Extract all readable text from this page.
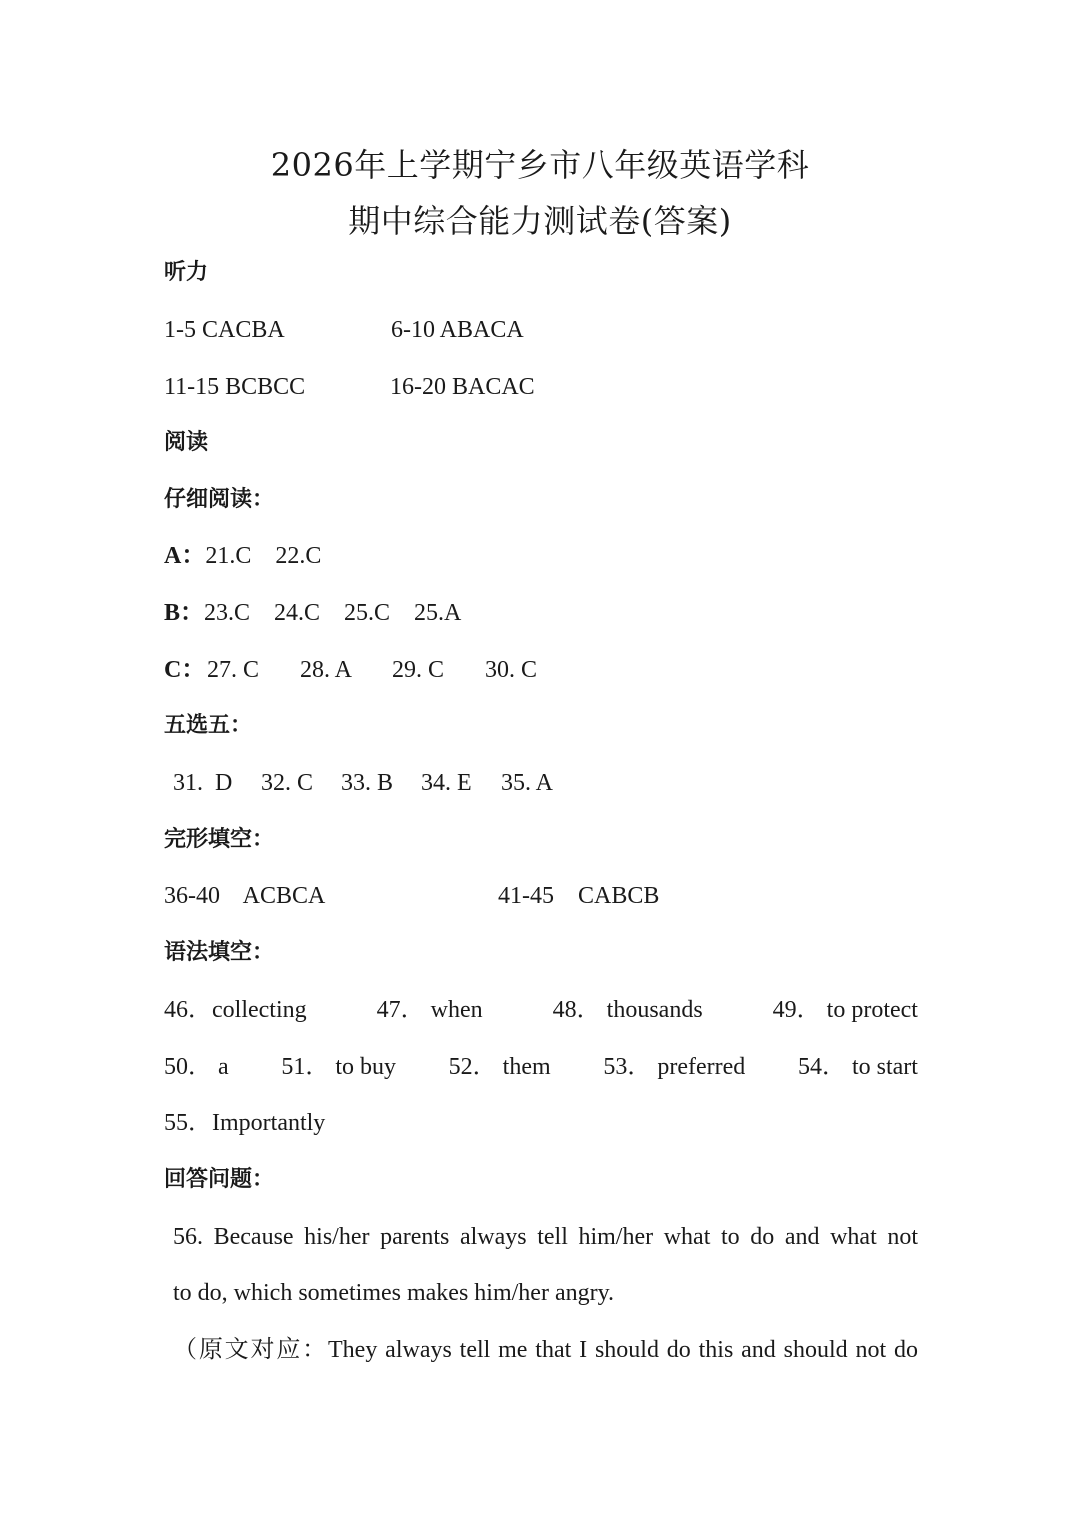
2026年上学期宁乡市八年级英语学科
期中综合能力测试卷(答案)
听力
1-5 CACBA	6-10 ABACA
11-15 BCBCC	16-20 BACAC
阅读
仔细阅读：
A：21.C    22.C
B：23.C    24.C    25.C    25.A
C： 27. C 28. A 29. C 30. C
五选五：
31.  D 32. C 33. B 34. E 35. A
完形填空：
36-40    ACBCA	41-45    CABCB
语法填空：
46．collecting	47． when	48． thousands	49． to protect
50． a 51． to buy 52． them 53． preferred 54． to start
55．Importantly
回答问题：
56. Because his/her parents always tell him/her what to do and what not
to do, which sometimes makes him/her angry.
（原文对应：They always tell me that I should do this and should not do
